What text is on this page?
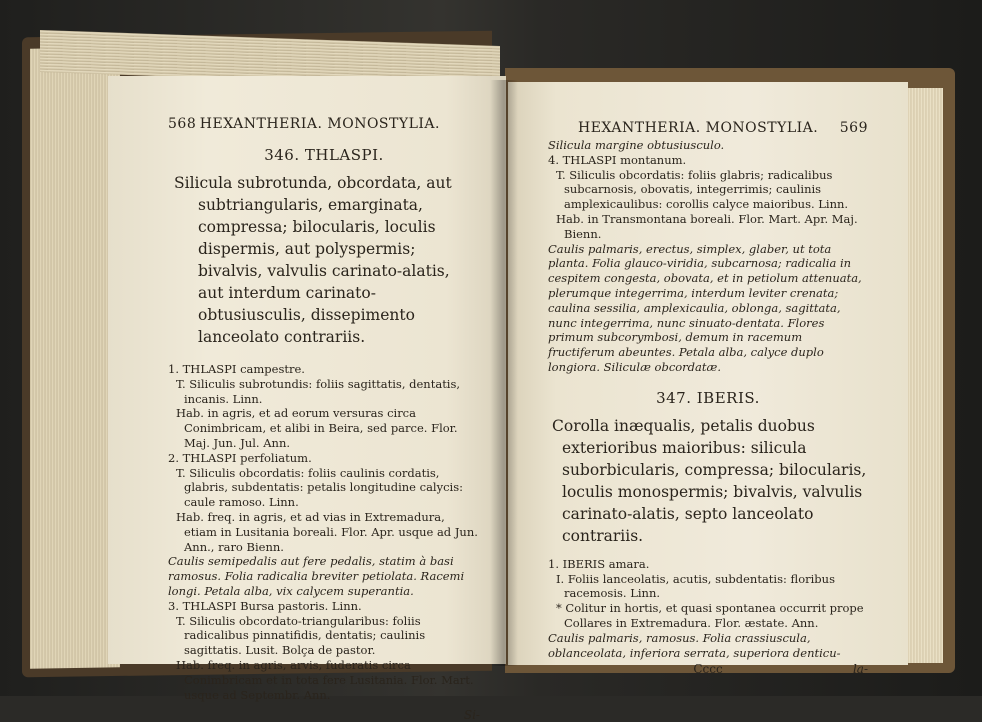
568 HEXANTHERIA. MONOSTYLIA.
346. THLASPI.

Silicula subrotunda, obcordata, aut subtriangularis, emarginata, compressa; bilocularis, loculis dispermis, aut polyspermis; bivalvis, valvulis carinato-alatis, aut interdum carinato-obtusiusculis, dissepimento lanceolato contrariis.

1. THLASPI campestre.

T. Siliculis subrotundis: foliis sagittatis, dentatis, incanis. Linn.

Hab. in agris, et ad eorum versuras circa Conimbricam, et alibi in Beira, sed parce. Flor. Maj. Jun. Jul. Ann.

2. THLASPI perfoliatum.

T. Siliculis obcordatis: foliis caulinis cordatis, glabris, subdentatis: petalis longitudine calycis: caule ramoso. Linn.

Hab. freq. in agris, et ad vias in Extremadura, etiam in Lusitania boreali. Flor. Apr. usque ad Jun. Ann., raro Bienn.

Caulis semipedalis aut fere pedalis, statim à basi ramosus. Folia radicalia breviter petiolata. Racemi longi. Petala alba, vix calycem superantia.

3. THLASPI Bursa pastoris. Linn.

T. Siliculis obcordato-triangularibus: foliis radicalibus pinnatifidis, dentatis; caulinis sagittatis. Lusit. Bolça de pastor.

Hab. freq. in agris, arvis, fuderatis circa Conimbricam et in tota fere Lusitania. Flor. Mart. usque ad Septembr. Ann.

Si-
HEXANTHERIA. MONOSTYLIA. 569

Silicula margine obtusiusculo.

4. THLASPI montanum.

T. Siliculis obcordatis: foliis glabris; radicalibus subcarnosis, obovatis, integerrimis; caulinis amplexicaulibus: corollis calyce maioribus. Linn.

Hab. in Transmontana boreali. Flor. Mart. Apr. Maj. Bienn.

Caulis palmaris, erectus, simplex, glaber, ut tota planta. Folia glauco-viridia, subcarnosa; radicalia in cespitem congesta, obovata, et in petiolum attenuata, plerumque integerrima, interdum leviter crenata; caulina sessilia, amplexicaulia, oblonga, sagittata, nunc integerrima, nunc sinuato-dentata. Flores primum subcorymbosi, demum in racemum fructiferum abeuntes. Petala alba, calyce duplo longiora. Siliculæ obcordatæ.

347. IBERIS.

Corolla inæqualis, petalis duobus exterioribus maioribus: silicula suborbicularis, compressa; bilocularis, loculis monospermis; bivalvis, valvulis carinato-alatis, septo lanceolato contrariis.

1. IBERIS amara.

I. Foliis lanceolatis, acutis, subdentatis: floribus racemosis. Linn.

* Colitur in hortis, et quasi spontanea occurrit prope Collares in Extremadura. Flor. æstate. Ann.

Caulis palmaris, ramosus. Folia crassiuscula, oblanceolata, inferiora serrata, superiora denticu-

Cccc	la-
